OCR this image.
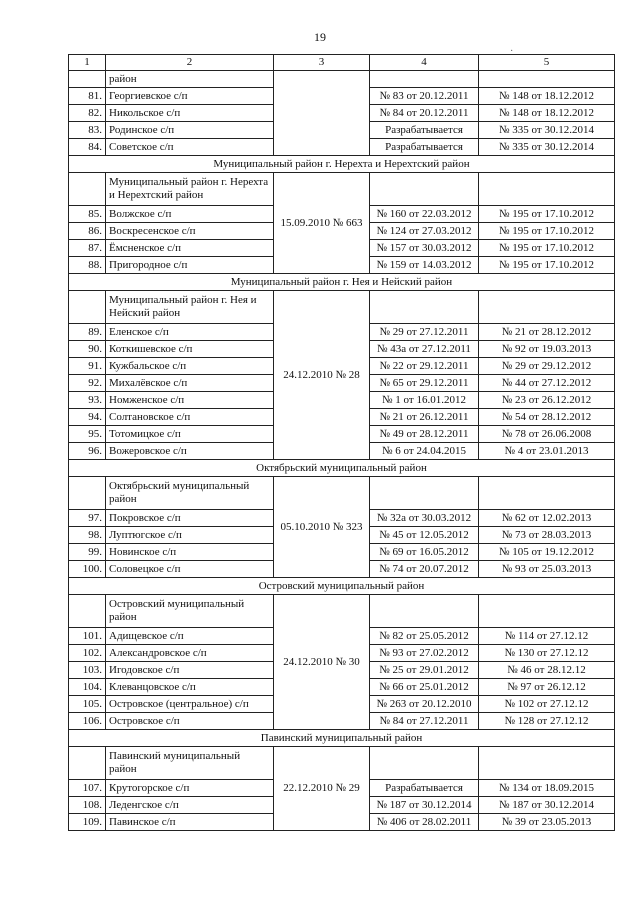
19
·
1	2	3	4	5
	район			
81.	Георгиевское с/п		№ 83 от 20.12.2011	№ 148 от 18.12.2012
82.	Никольское с/п		№ 84 от 20.12.2011	№ 148 от 18.12.2012
83.	Родинское с/п		Разрабатывается	№ 335 от 30.12.2014
84.	Советское с/п		Разрабатывается	№ 335 от 30.12.2014
Муниципальный район г. Нерехта и Нерехтский район				
	Муниципальный район г. Нерехта и Нерехтский район	15.09.2010 № 663		
85.	Волжское с/п		№ 160 от 22.03.2012	№ 195 от 17.10.2012
86.	Воскресенское с/п		№ 124 от 27.03.2012	№ 195 от 17.10.2012
87.	Ёмсненское с/п		№ 157 от 30.03.2012	№ 195 от 17.10.2012
88.	Пригородное с/п		№ 159 от 14.03.2012	№ 195 от 17.10.2012
Муниципальный район г. Нея и Нейский район				
	Муниципальный район г. Нея и Нейский район	24.12.2010 № 28		
89.	Еленское с/п		№ 29 от 27.12.2011	№ 21 от 28.12.2012
90.	Коткишевское с/п		№ 43а от 27.12.2011	№ 92 от 19.03.2013
91.	Кужбальское с/п		№ 22 от 29.12.2011	№ 29 от 29.12.2012
92.	Михалёвское с/п		№ 65 от 29.12.2011	№ 44 от 27.12.2012
93.	Номженское с/п		№ 1 от 16.01.2012	№ 23 от 26.12.2012
94.	Солтановское с/п		№ 21 от 26.12.2011	№ 54 от 28.12.2012
95.	Тотомицкое с/п		№ 49 от 28.12.2011	№ 78 от 26.06.2008
96.	Вожеровское с/п		№ 6 от 24.04.2015	№ 4 от 23.01.2013
Октябрьский муниципальный район				
	Октябрьский муниципальный район	05.10.2010 № 323		
97.	Покровское с/п		№ 32а от 30.03.2012	№ 62 от 12.02.2013
98.	Луптюгское с/п		№ 45 от 12.05.2012	№ 73 от 28.03.2013
99.	Новинское с/п		№ 69 от 16.05.2012	№ 105 от 19.12.2012
100.	Соловецкое с/п		№ 74 от 20.07.2012	№ 93 от 25.03.2013
Островский муниципальный район				
	Островский муниципальный район	24.12.2010 № 30		
101.	Адищевское с/п		№ 82 от 25.05.2012	№ 114 от 27.12.12
102.	Александровское с/п		№ 93 от 27.02.2012	№ 130 от 27.12.12
103.	Игодовское с/п		№ 25 от 29.01.2012	№ 46 от 28.12.12
104.	Клеванцовское с/п		№ 66 от 25.01.2012	№ 97 от 26.12.12
105.	Островское (центральное) с/п		№ 263 от 20.12.2010	№ 102 от 27.12.12
106.	Островское с/п		№ 84 от 27.12.2011	№ 128 от 27.12.12
Павинский муниципальный район				
	Павинский муниципальный район	22.12.2010 № 29		
107.	Крутогорское с/п		Разрабатывается	№ 134 от 18.09.2015
108.	Леденгское с/п		№ 187 от 30.12.2014	№ 187 от 30.12.2014
109.	Павинское с/п		№ 406 от 28.02.2011	№ 39 от 23.05.2013
